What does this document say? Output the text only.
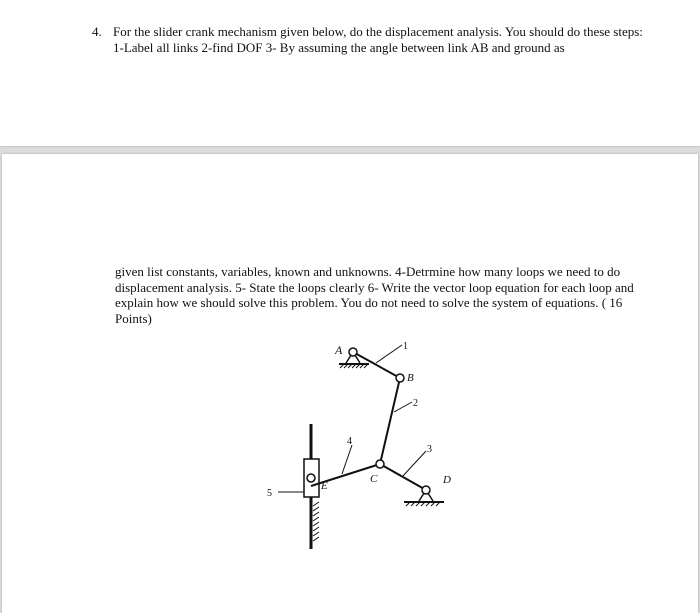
4. For the slider crank mechanism given below, do the displacement analysis. You should do these steps: 1-Label all links 2-find DOF 3- By assuming the angle between link AB and ground as
given list constants, variables, known and unknowns. 4-Detrmine how many loops we need to do displacement analysis. 5- State the loops clearly 6- Write the vector loop equation for each loop and explain how we should solve this problem. You do not need to solve the system of equations. ( 16 Points)
A
B
C	D
E
1
2
3
4
5
